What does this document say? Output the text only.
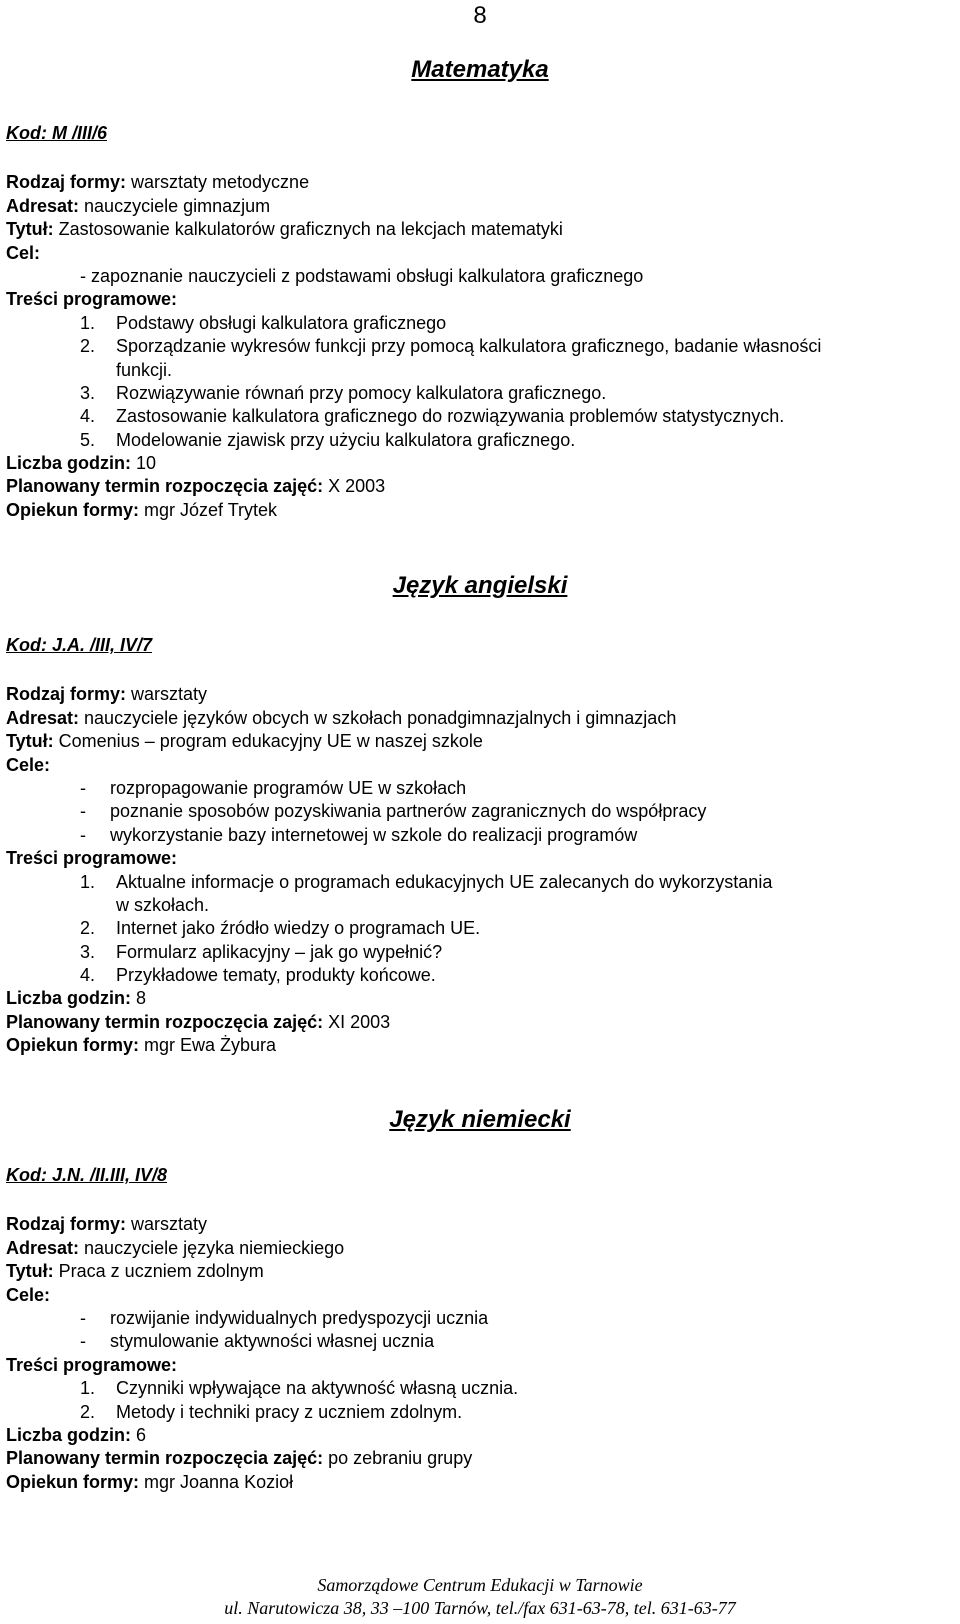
8
Matematyka
Kod: M /III/6
Rodzaj formy: warsztaty metodyczne
Adresat: nauczyciele gimnazjum
Tytuł: Zastosowanie kalkulatorów graficznych na lekcjach matematyki
Cel:
- zapoznanie nauczycieli z podstawami obsługi kalkulatora graficznego
Treści programowe:
1.	Podstawy obsługi kalkulatora graficznego
2.	Sporządzanie wykresów funkcji przy pomocą kalkulatora graficznego, badanie własności
funkcji.
3.	Rozwiązywanie równań przy pomocy kalkulatora graficznego.
4.	Zastosowanie kalkulatora graficznego do rozwiązywania problemów statystycznych.
5.	Modelowanie zjawisk przy użyciu kalkulatora graficznego.
Liczba godzin: 10
Planowany termin rozpoczęcia zajęć: X 2003
Opiekun formy: mgr Józef Trytek
Język angielski
Kod: J.A. /III, IV/7
Rodzaj formy: warsztaty
Adresat: nauczyciele języków obcych w szkołach ponadgimnazjalnych i gimnazjach
Tytuł: Comenius – program edukacyjny UE w naszej szkole
Cele:
- rozpropagowanie programów UE w szkołach
- poznanie sposobów pozyskiwania partnerów zagranicznych do współpracy
- wykorzystanie bazy internetowej w szkole do realizacji programów
Treści programowe:
1.	Aktualne informacje o programach edukacyjnych UE zalecanych do wykorzystania
w szkołach.
2.	Internet jako źródło wiedzy o programach UE.
3.	Formularz aplikacyjny – jak go wypełnić?
4.	Przykładowe tematy, produkty końcowe.
Liczba godzin: 8
Planowany termin rozpoczęcia zajęć: XI 2003
Opiekun formy: mgr Ewa Żybura
Język niemiecki
Kod: J.N. /II.III, IV/8
Rodzaj formy: warsztaty
Adresat: nauczyciele języka niemieckiego
Tytuł: Praca z uczniem zdolnym
Cele:
- rozwijanie indywidualnych predyspozycji ucznia
- stymulowanie aktywności własnej ucznia
Treści programowe:
1.	Czynniki wpływające na aktywność własną ucznia.
2.	Metody i techniki pracy z uczniem zdolnym.
Liczba godzin: 6
Planowany termin rozpoczęcia zajęć: po zebraniu grupy
Opiekun formy: mgr Joanna Kozioł
Samorządowe Centrum Edukacji w Tarnowie
ul. Narutowicza 38, 33 –100 Tarnów, tel./fax 631-63-78, tel. 631-63-77
